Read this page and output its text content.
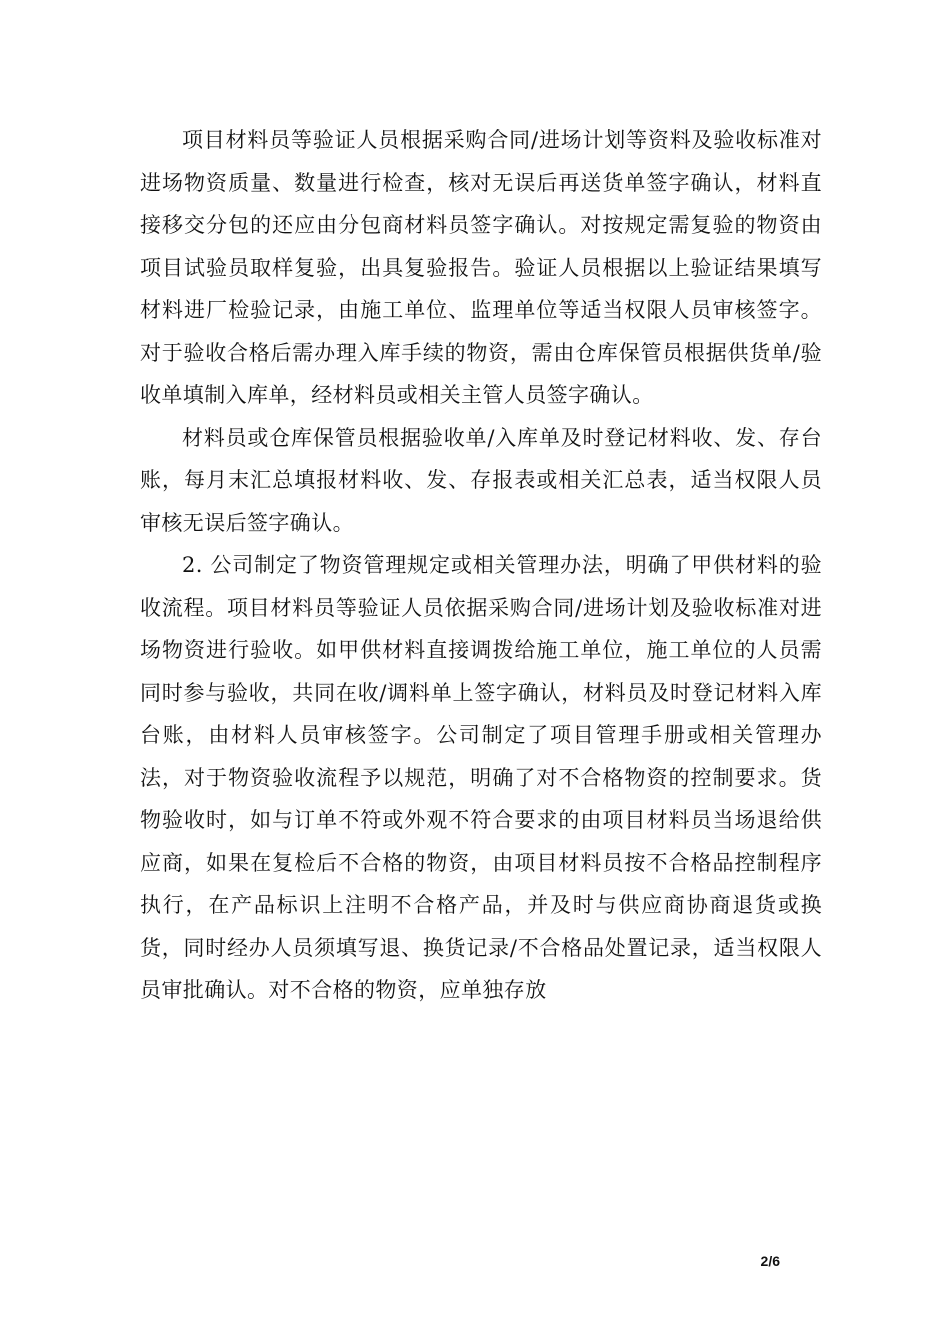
项目材料员等验证人员根据采购合同/进场计划等资料及验收标准对进场物资质量、数量进行检查，核对无误后再送货单签字确认，材料直接移交分包的还应由分包商材料员签字确认。对按规定需复验的物资由项目试验员取样复验，出具复验报告。验证人员根据以上验证结果填写材料进厂检验记录，由施工单位、监理单位等适当权限人员审核签字。对于验收合格后需办理入库手续的物资，需由仓库保管员根据供货单/验收单填制入库单，经材料员或相关主管人员签字确认。

材料员或仓库保管员根据验收单/入库单及时登记材料收、发、存台账，每月末汇总填报材料收、发、存报表或相关汇总表，适当权限人员审核无误后签字确认。

2. 公司制定了物资管理规定或相关管理办法，明确了甲供材料的验收流程。项目材料员等验证人员依据采购合同/进场计划及验收标准对进场物资进行验收。如甲供材料直接调拨给施工单位，施工单位的人员需同时参与验收，共同在收/调料单上签字确认，材料员及时登记材料入库台账，由材料人员审核签字。公司制定了项目管理手册或相关管理办法，对于物资验收流程予以规范，明确了对不合格物资的控制要求。货物验收时，如与订单不符或外观不符合要求的由项目材料员当场退给供应商，如果在复检后不合格的物资，由项目材料员按不合格品控制程序执行，在产品标识上注明不合格产品，并及时与供应商协商退货或换货，同时经办人员须填写退、换货记录/不合格品处置记录，适当权限人员审批确认。对不合格的物资，应单独存放

2/6
